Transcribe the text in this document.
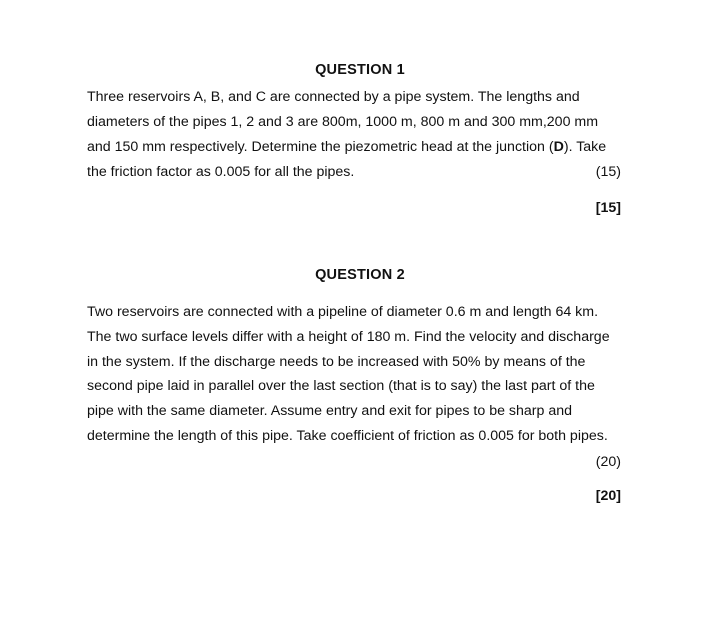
QUESTION 1
Three reservoirs A, B, and C are connected by a pipe system. The lengths and
diameters of the pipes 1, 2 and 3 are 800m, 1000 m, 800 m and 300 mm,200 mm
and 150 mm respectively. Determine the piezometric head at the junction (D). Take
the friction factor as 0.005 for all the pipes.	(15)
[15]
QUESTION 2
Two reservoirs are connected with a pipeline of diameter 0.6 m and length 64 km.
The two surface levels differ with a height of 180 m. Find the velocity and discharge
in the system. If the discharge needs to be increased with 50% by means of the
second pipe laid in parallel over the last section (that is to say) the last part of the
pipe with the same diameter. Assume entry and exit for pipes to be sharp and
determine the length of this pipe. Take coefficient of friction as 0.005 for both pipes.
(20)
[20]
